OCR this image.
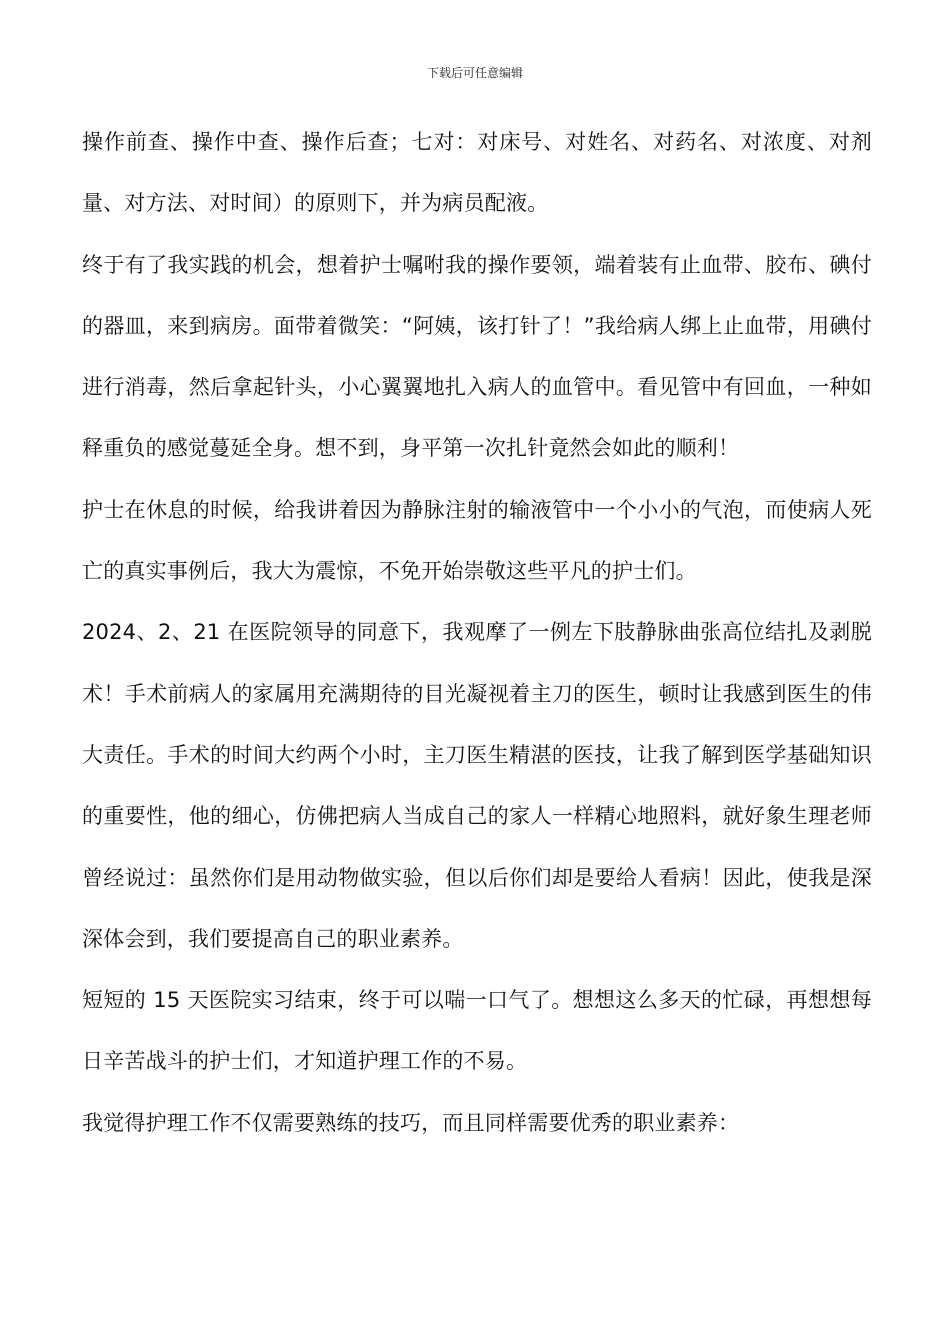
下载后可任意编辑

操作前查、操作中查、操作后查；七对：对床号、对姓名、对药名、对浓度、对剂量、对方法、对时间）的原则下，并为病员配液。

终于有了我实践的机会，想着护士嘱咐我的操作要领，端着装有止血带、胶布、碘付的器皿，来到病房。面带着微笑：“阿姨，该打针了！”我给病人绑上止血带，用碘付进行消毒，然后拿起针头，小心翼翼地扎入病人的血管中。看见管中有回血，一种如释重负的感觉蔓延全身。想不到，身平第一次扎针竟然会如此的顺利！

护士在休息的时候，给我讲着因为静脉注射的输液管中一个小小的气泡，而使病人死亡的真实事例后，我大为震惊，不免开始崇敬这些平凡的护士们。

2024、2、21 在医院领导的同意下，我观摩了一例左下肢静脉曲张高位结扎及剥脱术！手术前病人的家属用充满期待的目光凝视着主刀的医生，顿时让我感到医生的伟大责任。手术的时间大约两个小时，主刀医生精湛的医技，让我了解到医学基础知识的重要性，他的细心，仿佛把病人当成自己的家人一样精心地照料，就好象生理老师曾经说过：虽然你们是用动物做实验，但以后你们却是要给人看病！因此，使我是深深体会到，我们要提高自己的职业素养。

短短的 15 天医院实习结束，终于可以喘一口气了。想想这么多天的忙碌，再想想每日辛苦战斗的护士们，才知道护理工作的不易。

我觉得护理工作不仅需要熟练的技巧，而且同样需要优秀的职业素养：
